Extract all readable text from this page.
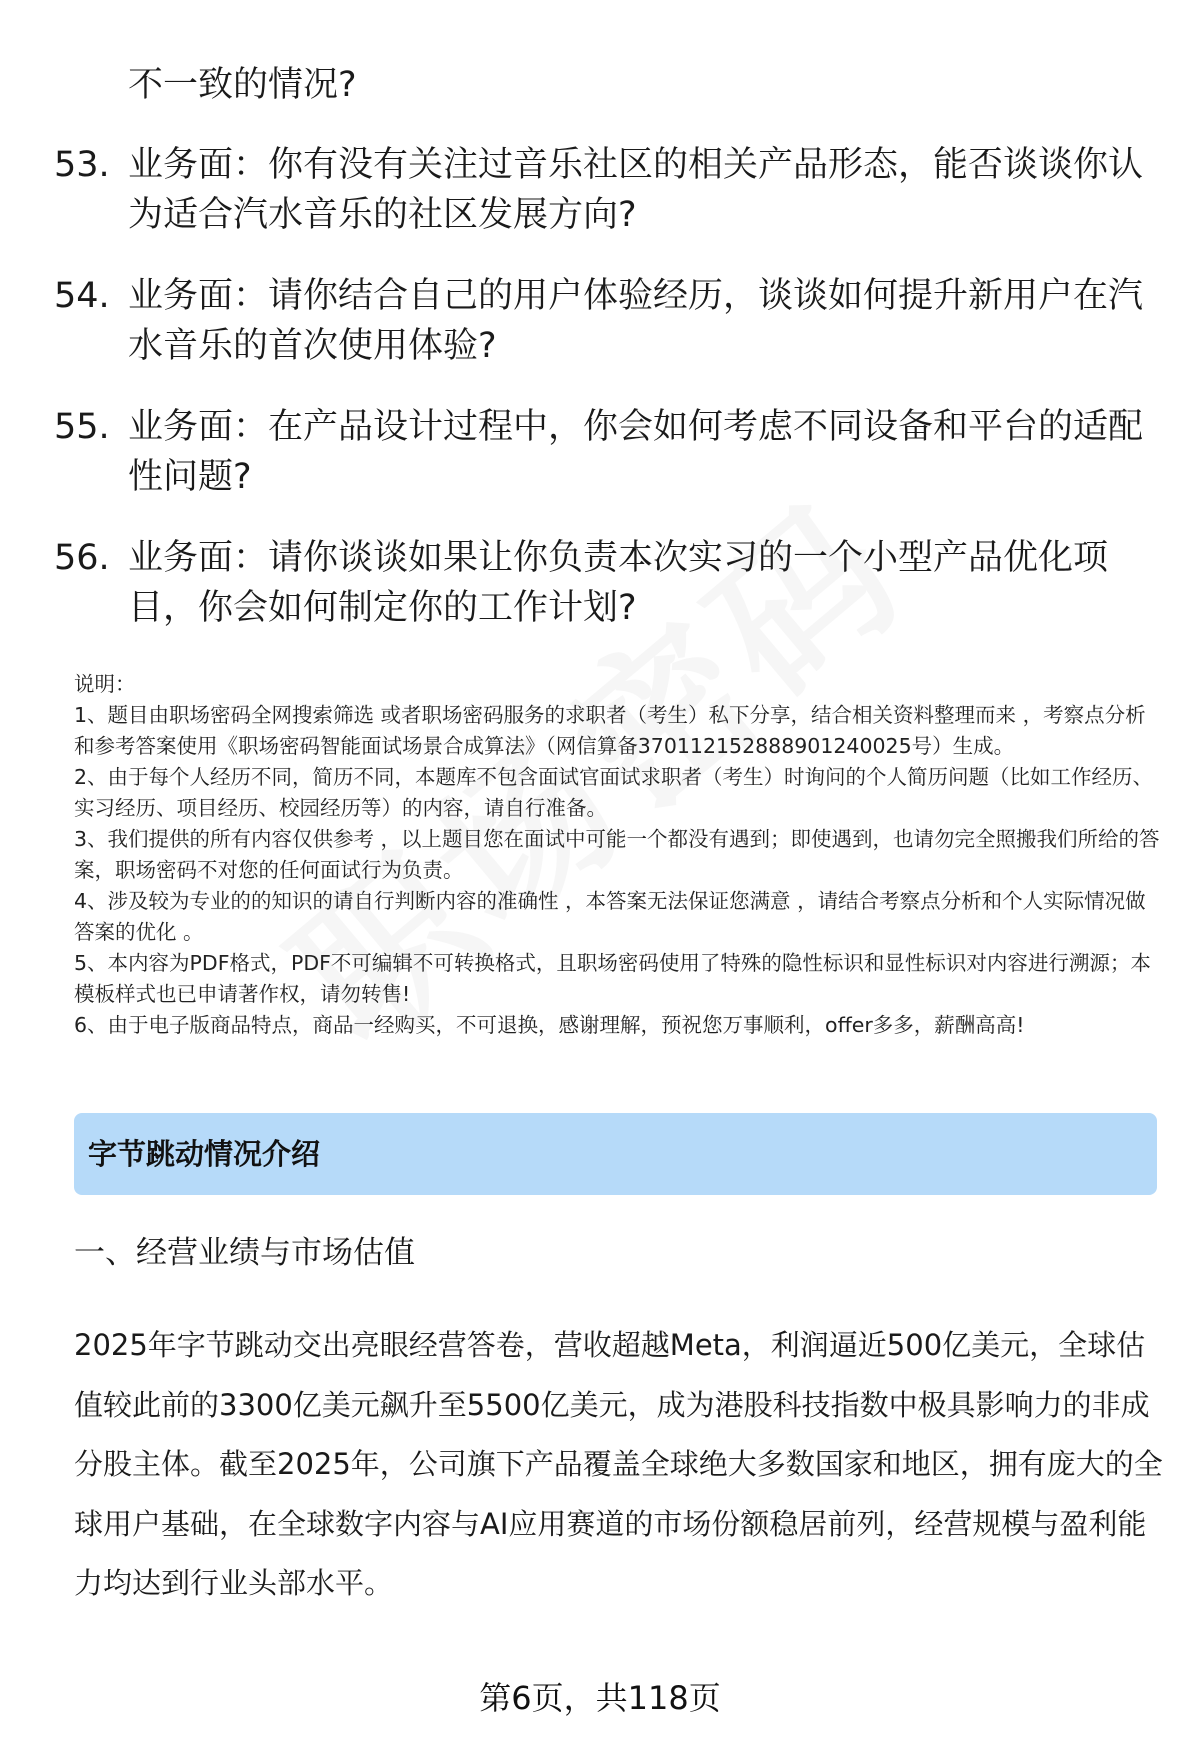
不一致的情况?

53. 业务面：你有没有关注过音乐社区的相关产品形态，能否谈谈你认为适合汽水音乐的社区发展方向?

54. 业务面：请你结合自己的用户体验经历，谈谈如何提升新用户在汽水音乐的首次使用体验?

55. 业务面：在产品设计过程中，你会如何考虑不同设备和平台的适配性问题?

56. 业务面：请你谈谈如果让你负责本次实习的一个小型产品优化项目，你会如何制定你的工作计划?

说明：

1、题目由职场密码全网搜索筛选 或者职场密码服务的求职者（考生）私下分享，结合相关资料整理而来 ，考察点分析和参考答案使用《职场密码智能面试场景合成算法》（网信算备370112152888901240025号）生成。

2、由于每个人经历不同，简历不同，本题库不包含面试官面试求职者（考生）时询问的个人简历问题（比如工作经历、实习经历、项目经历、校园经历等）的内容，请自行准备。

3、我们提供的所有内容仅供参考 ，以上题目您在面试中可能一个都没有遇到；即使遇到，也请勿完全照搬我们所给的答案，职场密码不对您的任何面试行为负责。

4、涉及较为专业的的知识的请自行判断内容的准确性 ，本答案无法保证您满意 ，请结合考察点分析和个人实际情况做答案的优化 。

5、本内容为PDF格式，PDF不可编辑不可转换格式，且职场密码使用了特殊的隐性标识和显性标识对内容进行溯源；本模板样式也已申请著作权，请勿转售!

6、由于电子版商品特点，商品一经购买，不可退换，感谢理解，预祝您万事顺利，offer多多，薪酬高高!

字节跳动情况介绍
一、经营业绩与市场估值

2025年字节跳动交出亮眼经营答卷，营收超越Meta，利润逼近500亿美元，全球估值较此前的3300亿美元飙升至5500亿美元，成为港股科技指数中极具影响力的非成分股主体。截至2025年，公司旗下产品覆盖全球绝大多数国家和地区，拥有庞大的全球用户基础，在全球数字内容与AI应用赛道的市场份额稳居前列，经营规模与盈利能力均达到行业头部水平。

第6页，共118页
